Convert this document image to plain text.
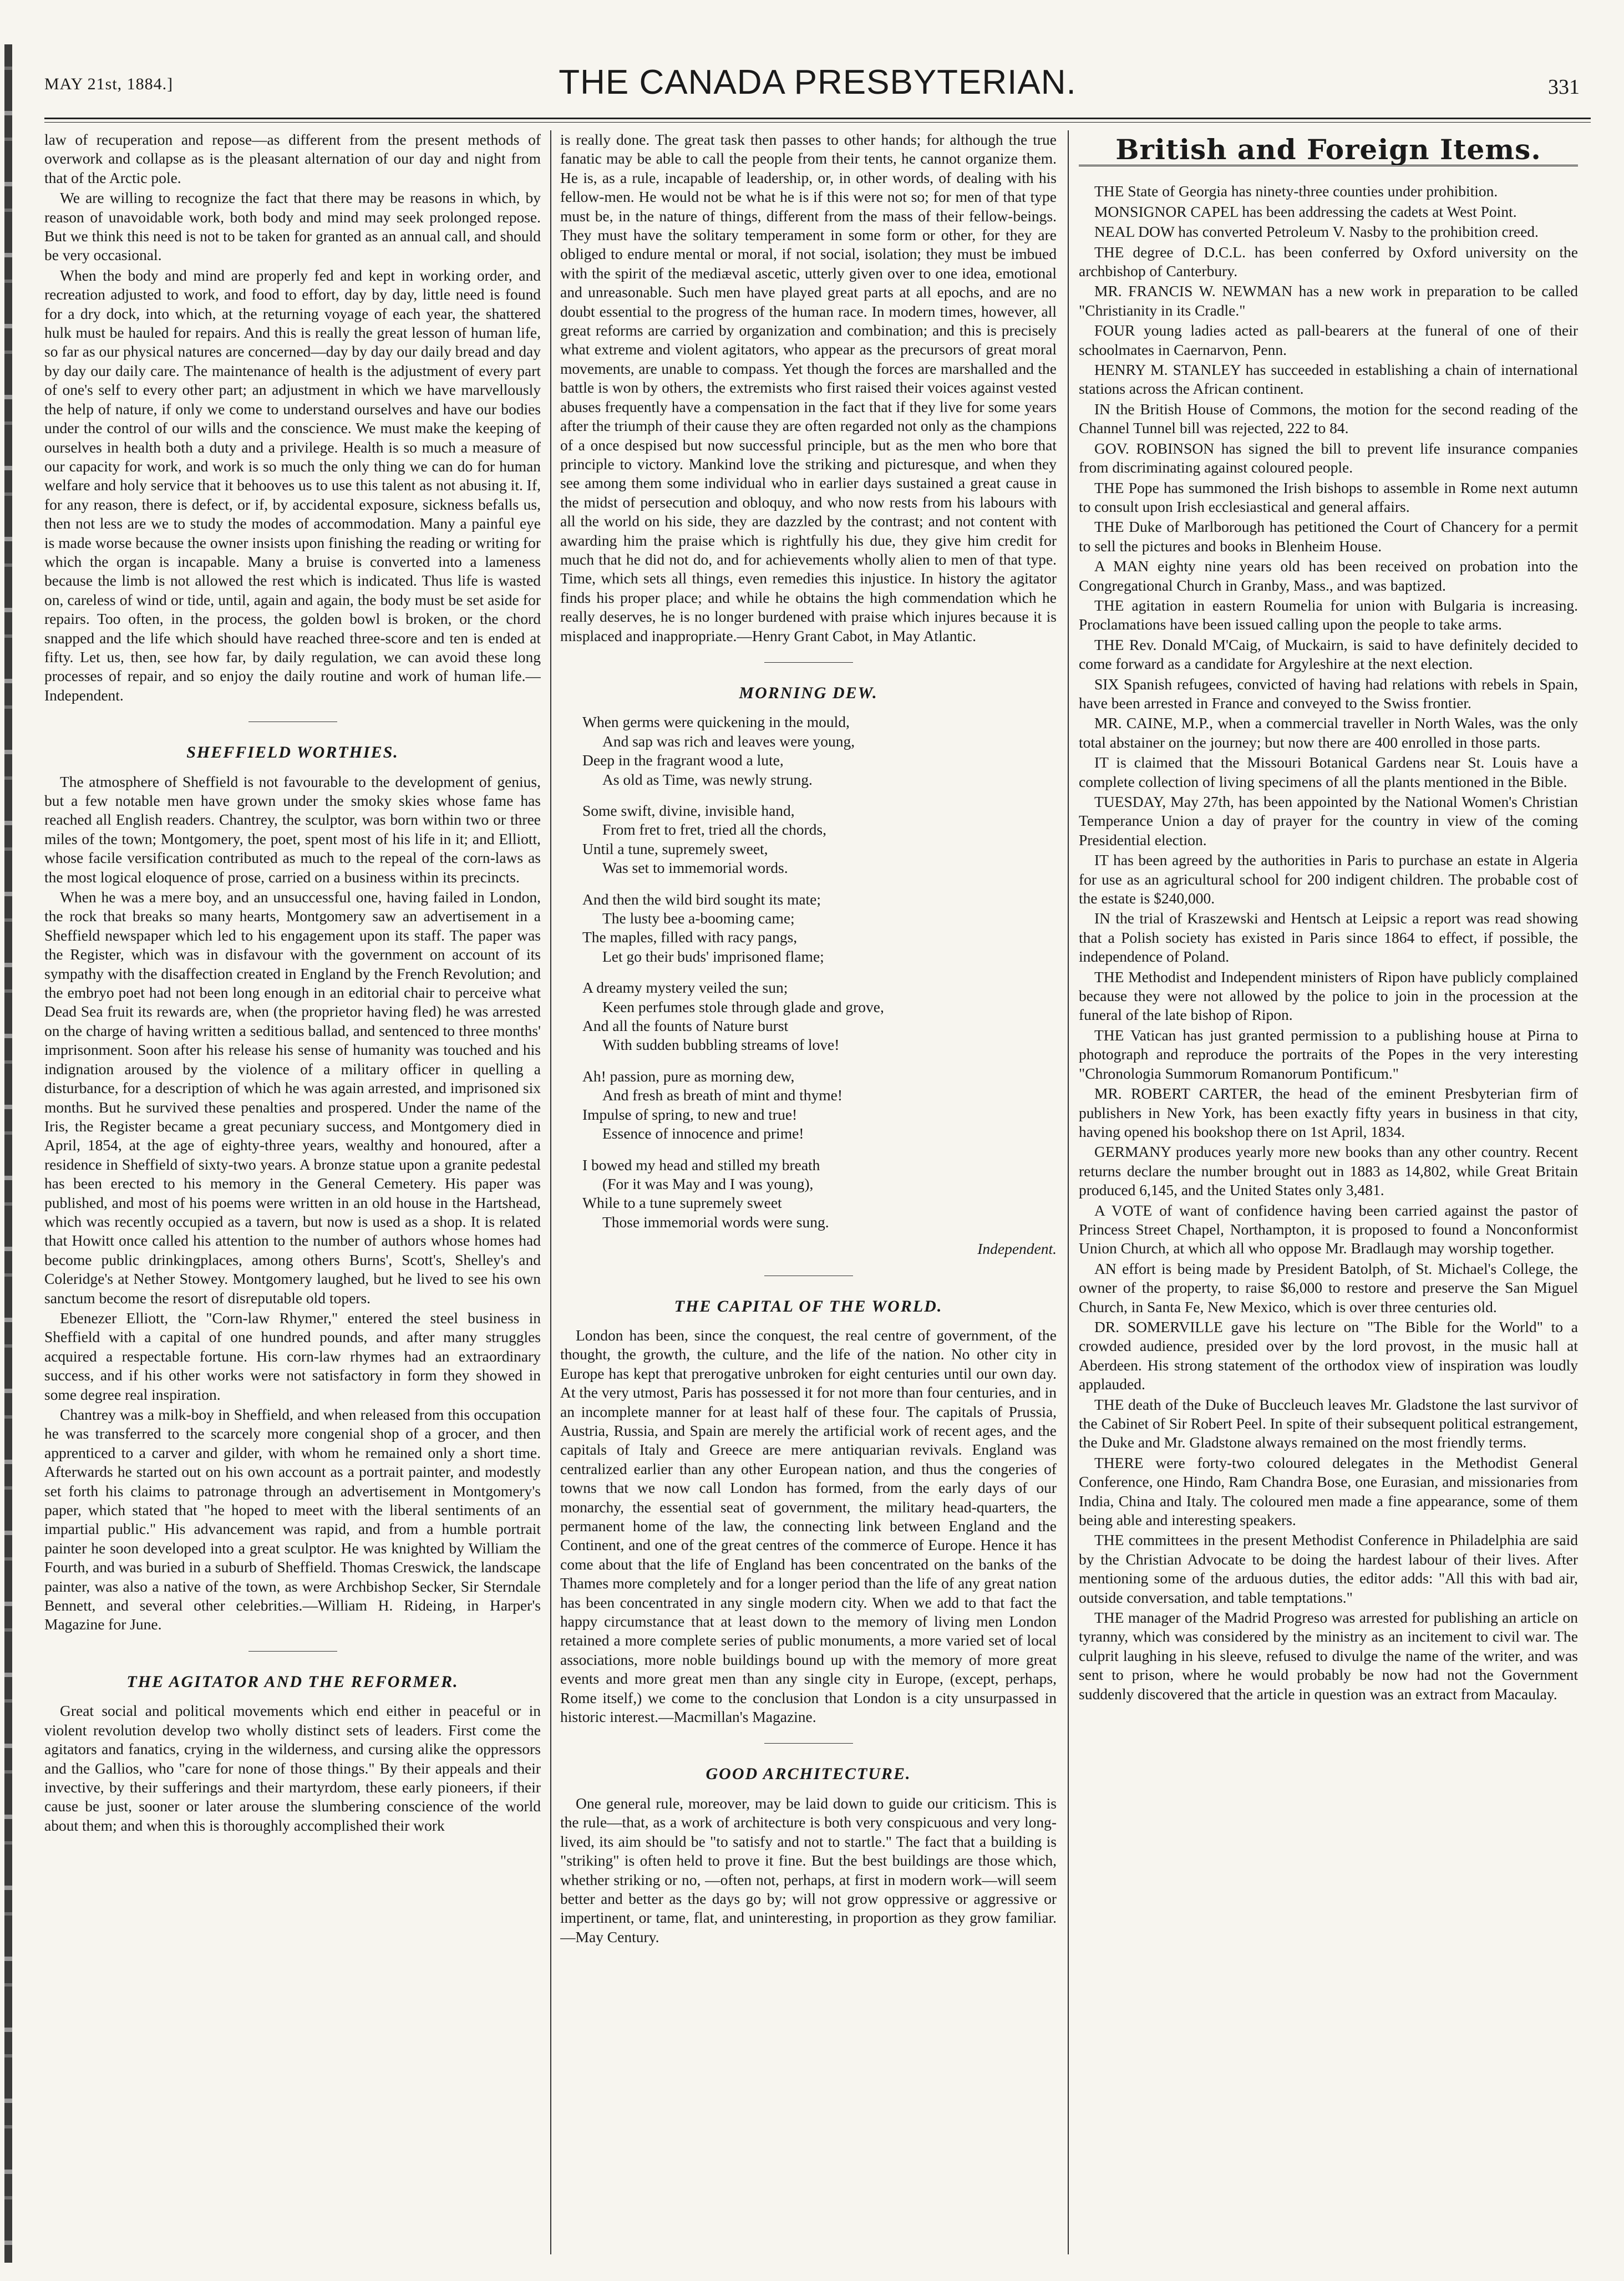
MAY 21st, 1884.]	THE CANADA PRESBYTERIAN.	331

law of recuperation and repose—as different from the present methods of overwork and collapse as is the pleasant alternation of our day and night from that of the Arctic pole.

We are willing to recognize the fact that there may be reasons in which, by reason of unavoidable work, both body and mind may seek prolonged repose. But we think this need is not to be taken for granted as an annual call, and should be very occasional.

When the body and mind are properly fed and kept in working order, and recreation adjusted to work, and food to effort, day by day, little need is found for a dry dock, into which, at the returning voyage of each year, the shattered hulk must be hauled for repairs. And this is really the great lesson of human life, so far as our physical natures are concerned—day by day our daily bread and day by day our daily care. The maintenance of health is the adjustment of every part of one's self to every other part; an adjustment in which we have marvellously the help of nature, if only we come to understand ourselves and have our bodies under the control of our wills and the conscience. We must make the keeping of ourselves in health both a duty and a privilege. Health is so much a measure of our capacity for work, and work is so much the only thing we can do for human welfare and holy service that it behooves us to use this talent as not abusing it. If, for any reason, there is defect, or if, by accidental exposure, sickness befalls us, then not less are we to study the modes of accommodation. Many a painful eye is made worse because the owner insists upon finishing the reading or writing for which the organ is incapable. Many a bruise is converted into a lameness because the limb is not allowed the rest which is indicated. Thus life is wasted on, careless of wind or tide, until, again and again, the body must be set aside for repairs. Too often, in the process, the golden bowl is broken, or the chord snapped and the life which should have reached three-score and ten is ended at fifty. Let us, then, see how far, by daily regulation, we can avoid these long processes of repair, and so enjoy the daily routine and work of human life.—Independent.

SHEFFIELD WORTHIES.

The atmosphere of Sheffield is not favourable to the development of genius, but a few notable men have grown under the smoky skies whose fame has reached all English readers. Chantrey, the sculptor, was born within two or three miles of the town; Montgomery, the poet, spent most of his life in it; and Elliott, whose facile versification contributed as much to the repeal of the corn-laws as the most logical eloquence of prose, carried on a business within its precincts.

When he was a mere boy, and an unsuccessful one, having failed in London, the rock that breaks so many hearts, Montgomery saw an advertisement in a Sheffield newspaper which led to his engagement upon its staff. The paper was the Register, which was in disfavour with the government on account of its sympathy with the disaffection created in England by the French Revolution; and the embryo poet had not been long enough in an editorial chair to perceive what Dead Sea fruit its rewards are, when (the proprietor having fled) he was arrested on the charge of having written a seditious ballad, and sentenced to three months' imprisonment. Soon after his release his sense of humanity was touched and his indignation aroused by the violence of a military officer in quelling a disturbance, for a description of which he was again arrested, and imprisoned six months. But he survived these penalties and prospered. Under the name of the Iris, the Register became a great pecuniary success, and Montgomery died in April, 1854, at the age of eighty-three years, wealthy and honoured, after a residence in Sheffield of sixty-two years. A bronze statue upon a granite pedestal has been erected to his memory in the General Cemetery. His paper was published, and most of his poems were written in an old house in the Hartshead, which was recently occupied as a tavern, but now is used as a shop. It is related that Howitt once called his attention to the number of authors whose homes had become public drinkingplaces, among others Burns', Scott's, Shelley's and Coleridge's at Nether Stowey. Montgomery laughed, but he lived to see his own sanctum become the resort of disreputable old topers.

Ebenezer Elliott, the "Corn-law Rhymer," entered the steel business in Sheffield with a capital of one hundred pounds, and after many struggles acquired a respectable fortune. His corn-law rhymes had an extraordinary success, and if his other works were not satisfactory in form they showed in some degree real inspiration.

Chantrey was a milk-boy in Sheffield, and when released from this occupation he was transferred to the scarcely more congenial shop of a grocer, and then apprenticed to a carver and gilder, with whom he remained only a short time. Afterwards he started out on his own account as a portrait painter, and modestly set forth his claims to patronage through an advertisement in Montgomery's paper, which stated that "he hoped to meet with the liberal sentiments of an impartial public." His advancement was rapid, and from a humble portrait painter he soon developed into a great sculptor. He was knighted by William the Fourth, and was buried in a suburb of Sheffield. Thomas Creswick, the landscape painter, was also a native of the town, as were Archbishop Secker, Sir Sterndale Bennett, and several other celebrities.—William H. Rideing, in Harper's Magazine for June.

THE AGITATOR AND THE REFORMER.

Great social and political movements which end either in peaceful or in violent revolution develop two wholly distinct sets of leaders. First come the agitators and fanatics, crying in the wilderness, and cursing alike the oppressors and the Gallios, who "care for none of those things." By their appeals and their invective, by their sufferings and their martyrdom, these early pioneers, if their cause be just, sooner or later arouse the slumbering conscience of the world about them; and when this is thoroughly accomplished their work

is really done. The great task then passes to other hands; for although the true fanatic may be able to call the people from their tents, he cannot organize them. He is, as a rule, incapable of leadership, or, in other words, of dealing with his fellow-men. He would not be what he is if this were not so; for men of that type must be, in the nature of things, different from the mass of their fellow-beings. They must have the solitary temperament in some form or other, for they are obliged to endure mental or moral, if not social, isolation; they must be imbued with the spirit of the mediæval ascetic, utterly given over to one idea, emotional and unreasonable. Such men have played great parts at all epochs, and are no doubt essential to the progress of the human race. In modern times, however, all great reforms are carried by organization and combination; and this is precisely what extreme and violent agitators, who appear as the precursors of great moral movements, are unable to compass. Yet though the forces are marshalled and the battle is won by others, the extremists who first raised their voices against vested abuses frequently have a compensation in the fact that if they live for some years after the triumph of their cause they are often regarded not only as the champions of a once despised but now successful principle, but as the men who bore that principle to victory. Mankind love the striking and picturesque, and when they see among them some individual who in earlier days sustained a great cause in the midst of persecution and obloquy, and who now rests from his labours with all the world on his side, they are dazzled by the contrast; and not content with awarding him the praise which is rightfully his due, they give him credit for much that he did not do, and for achievements wholly alien to men of that type. Time, which sets all things, even remedies this injustice. In history the agitator finds his proper place; and while he obtains the high commendation which he really deserves, he is no longer burdened with praise which injures because it is misplaced and inappropriate.—Henry Grant Cabot, in May Atlantic.

MORNING DEW.
When germs were quickening in the mould,
And sap was rich and leaves were young,
Deep in the fragrant wood a lute,
As old as Time, was newly strung.
Some swift, divine, invisible hand,
From fret to fret, tried all the chords,
Until a tune, supremely sweet,
Was set to immemorial words.
And then the wild bird sought its mate;
The lusty bee a-booming came;
The maples, filled with racy pangs,
Let go their buds' imprisoned flame;
A dreamy mystery veiled the sun;
Keen perfumes stole through glade and grove,
And all the founts of Nature burst
With sudden bubbling streams of love!
Ah! passion, pure as morning dew,
And fresh as breath of mint and thyme!
Impulse of spring, to new and true!
Essence of innocence and prime!
I bowed my head and stilled my breath
(For it was May and I was young),
While to a tune supremely sweet
Those immemorial words were sung.
Independent.
THE CAPITAL OF THE WORLD.

London has been, since the conquest, the real centre of government, of the thought, the growth, the culture, and the life of the nation. No other city in Europe has kept that prerogative unbroken for eight centuries until our own day. At the very utmost, Paris has possessed it for not more than four centuries, and in an incomplete manner for at least half of these four. The capitals of Prussia, Austria, Russia, and Spain are merely the artificial work of recent ages, and the capitals of Italy and Greece are mere antiquarian revivals. England was centralized earlier than any other European nation, and thus the congeries of towns that we now call London has formed, from the early days of our monarchy, the essential seat of government, the military head-quarters, the permanent home of the law, the connecting link between England and the Continent, and one of the great centres of the commerce of Europe. Hence it has come about that the life of England has been concentrated on the banks of the Thames more completely and for a longer period than the life of any great nation has been concentrated in any single modern city. When we add to that fact the happy circumstance that at least down to the memory of living men London retained a more complete series of public monuments, a more varied set of local associations, more noble buildings bound up with the memory of more great events and more great men than any single city in Europe, (except, perhaps, Rome itself,) we come to the conclusion that London is a city unsurpassed in historic interest.—Macmillan's Magazine.

GOOD ARCHITECTURE.

One general rule, moreover, may be laid down to guide our criticism. This is the rule—that, as a work of architecture is both very conspicuous and very long-lived, its aim should be "to satisfy and not to startle." The fact that a building is "striking" is often held to prove it fine. But the best buildings are those which, whether striking or no, —often not, perhaps, at first in modern work—will seem better and better as the days go by; will not grow oppressive or aggressive or impertinent, or tame, flat, and uninteresting, in proportion as they grow familiar.—May Century.

British and Foreign Items.

THE State of Georgia has ninety-three counties under prohibition.

MONSIGNOR CAPEL has been addressing the cadets at West Point.

NEAL DOW has converted Petroleum V. Nasby to the prohibition creed.

THE degree of D.C.L. has been conferred by Oxford university on the archbishop of Canterbury.

MR. FRANCIS W. NEWMAN has a new work in preparation to be called "Christianity in its Cradle."

FOUR young ladies acted as pall-bearers at the funeral of one of their schoolmates in Caernarvon, Penn.

HENRY M. STANLEY has succeeded in establishing a chain of international stations across the African continent.

IN the British House of Commons, the motion for the second reading of the Channel Tunnel bill was rejected, 222 to 84.

GOV. ROBINSON has signed the bill to prevent life insurance companies from discriminating against coloured people.

THE Pope has summoned the Irish bishops to assemble in Rome next autumn to consult upon Irish ecclesiastical and general affairs.

THE Duke of Marlborough has petitioned the Court of Chancery for a permit to sell the pictures and books in Blenheim House.

A MAN eighty nine years old has been received on probation into the Congregational Church in Granby, Mass., and was baptized.

THE agitation in eastern Roumelia for union with Bulgaria is increasing. Proclamations have been issued calling upon the people to take arms.

THE Rev. Donald M'Caig, of Muckairn, is said to have definitely decided to come forward as a candidate for Argyleshire at the next election.

SIX Spanish refugees, convicted of having had relations with rebels in Spain, have been arrested in France and conveyed to the Swiss frontier.

MR. CAINE, M.P., when a commercial traveller in North Wales, was the only total abstainer on the journey; but now there are 400 enrolled in those parts.

IT is claimed that the Missouri Botanical Gardens near St. Louis have a complete collection of living specimens of all the plants mentioned in the Bible.

TUESDAY, May 27th, has been appointed by the National Women's Christian Temperance Union a day of prayer for the country in view of the coming Presidential election.

IT has been agreed by the authorities in Paris to purchase an estate in Algeria for use as an agricultural school for 200 indigent children. The probable cost of the estate is $240,000.

IN the trial of Kraszewski and Hentsch at Leipsic a report was read showing that a Polish society has existed in Paris since 1864 to effect, if possible, the independence of Poland.

THE Methodist and Independent ministers of Ripon have publicly complained because they were not allowed by the police to join in the procession at the funeral of the late bishop of Ripon.

THE Vatican has just granted permission to a publishing house at Pirna to photograph and reproduce the portraits of the Popes in the very interesting "Chronologia Summorum Romanorum Pontificum."

MR. ROBERT CARTER, the head of the eminent Presbyterian firm of publishers in New York, has been exactly fifty years in business in that city, having opened his bookshop there on 1st April, 1834.

GERMANY produces yearly more new books than any other country. Recent returns declare the number brought out in 1883 as 14,802, while Great Britain produced 6,145, and the United States only 3,481.

A VOTE of want of confidence having been carried against the pastor of Princess Street Chapel, Northampton, it is proposed to found a Nonconformist Union Church, at which all who oppose Mr. Bradlaugh may worship together.

AN effort is being made by President Batolph, of St. Michael's College, the owner of the property, to raise $6,000 to restore and preserve the San Miguel Church, in Santa Fe, New Mexico, which is over three centuries old.

DR. SOMERVILLE gave his lecture on "The Bible for the World" to a crowded audience, presided over by the lord provost, in the music hall at Aberdeen. His strong statement of the orthodox view of inspiration was loudly applauded.

THE death of the Duke of Buccleuch leaves Mr. Gladstone the last survivor of the Cabinet of Sir Robert Peel. In spite of their subsequent political estrangement, the Duke and Mr. Gladstone always remained on the most friendly terms.

THERE were forty-two coloured delegates in the Methodist General Conference, one Hindo, Ram Chandra Bose, one Eurasian, and missionaries from India, China and Italy. The coloured men made a fine appearance, some of them being able and interesting speakers.

THE committees in the present Methodist Conference in Philadelphia are said by the Christian Advocate to be doing the hardest labour of their lives. After mentioning some of the arduous duties, the editor adds: "All this with bad air, outside conversation, and table temptations."

THE manager of the Madrid Progreso was arrested for publishing an article on tyranny, which was considered by the ministry as an incitement to civil war. The culprit laughing in his sleeve, refused to divulge the name of the writer, and was sent to prison, where he would probably be now had not the Government suddenly discovered that the article in question was an extract from Macaulay.
